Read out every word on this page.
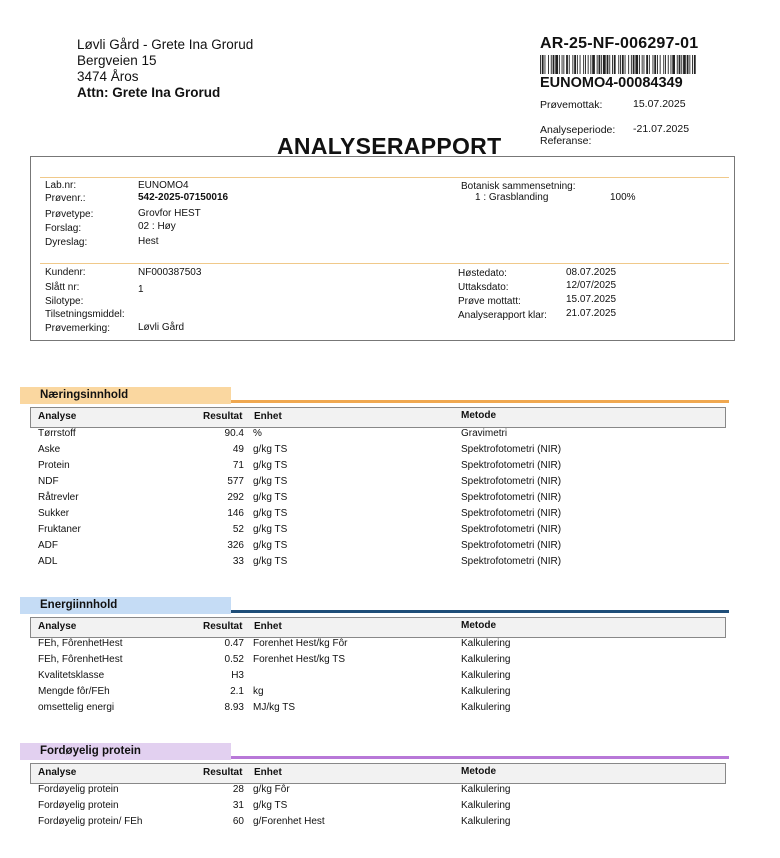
Løvli Gård - Grete Ina Grorud
Bergveien 15
3474 Åros
Attn: Grete Ina Grorud
AR-25-NF-006297-01
EUNOMO4-00084349
Prøvemottak:	15.07.2025
Analyseperiode: -21.07.2025
Referanse:
ANALYSERAPPORT
Lab.nr:	EUNOMO4
Prøvenr.:	542-2025-07150016
Prøvetype:	Grovfor HEST
Forslag:	02 : Høy
Dyreslag:	Hest
Botanisk sammensetning:
1 : Grasblanding	100%
Kundenr:	NF000387503
Slått nr:	1
Silotype:
Tilsetningsmiddel:
Prøvemerking:	Løvli Gård
Høstedato:	08.07.2025
Uttaksdato:	12/07/2025
Prøve mottatt:	15.07.2025
Analyserapport klar: 21.07.2025
Næringsinnhold
Analyse	Resultat Enhet	Metode
Tørrstoff	90.4 %	Gravimetri
Aske	49 g/kg TS	Spektrofotometri (NIR)
Protein	71 g/kg TS	Spektrofotometri (NIR)
NDF	577 g/kg TS	Spektrofotometri (NIR)
Råtrevler	292 g/kg TS	Spektrofotometri (NIR)
Sukker	146 g/kg TS	Spektrofotometri (NIR)
Fruktaner	52 g/kg TS	Spektrofotometri (NIR)
ADF	326 g/kg TS	Spektrofotometri (NIR)
ADL	33 g/kg TS	Spektrofotometri (NIR)
Energiinnhold
Analyse	Resultat Enhet	Metode
FEh, FôrenhetHest	0.47 Forenhet Hest/kg Fôr	Kalkulering
FEh, FôrenhetHest	0.52 Forenhet Hest/kg TS	Kalkulering
Kvalitetsklasse	H3	Kalkulering
Mengde fôr/FEh	2.1 kg	Kalkulering
omsettelig energi	8.93 MJ/kg TS	Kalkulering
Fordøyelig protein
Analyse	Resultat Enhet	Metode
Fordøyelig protein	28 g/kg Fôr	Kalkulering
Fordøyelig protein	31 g/kg TS	Kalkulering
Fordøyelig protein/ FEh	60 g/Forenhet Hest	Kalkulering
